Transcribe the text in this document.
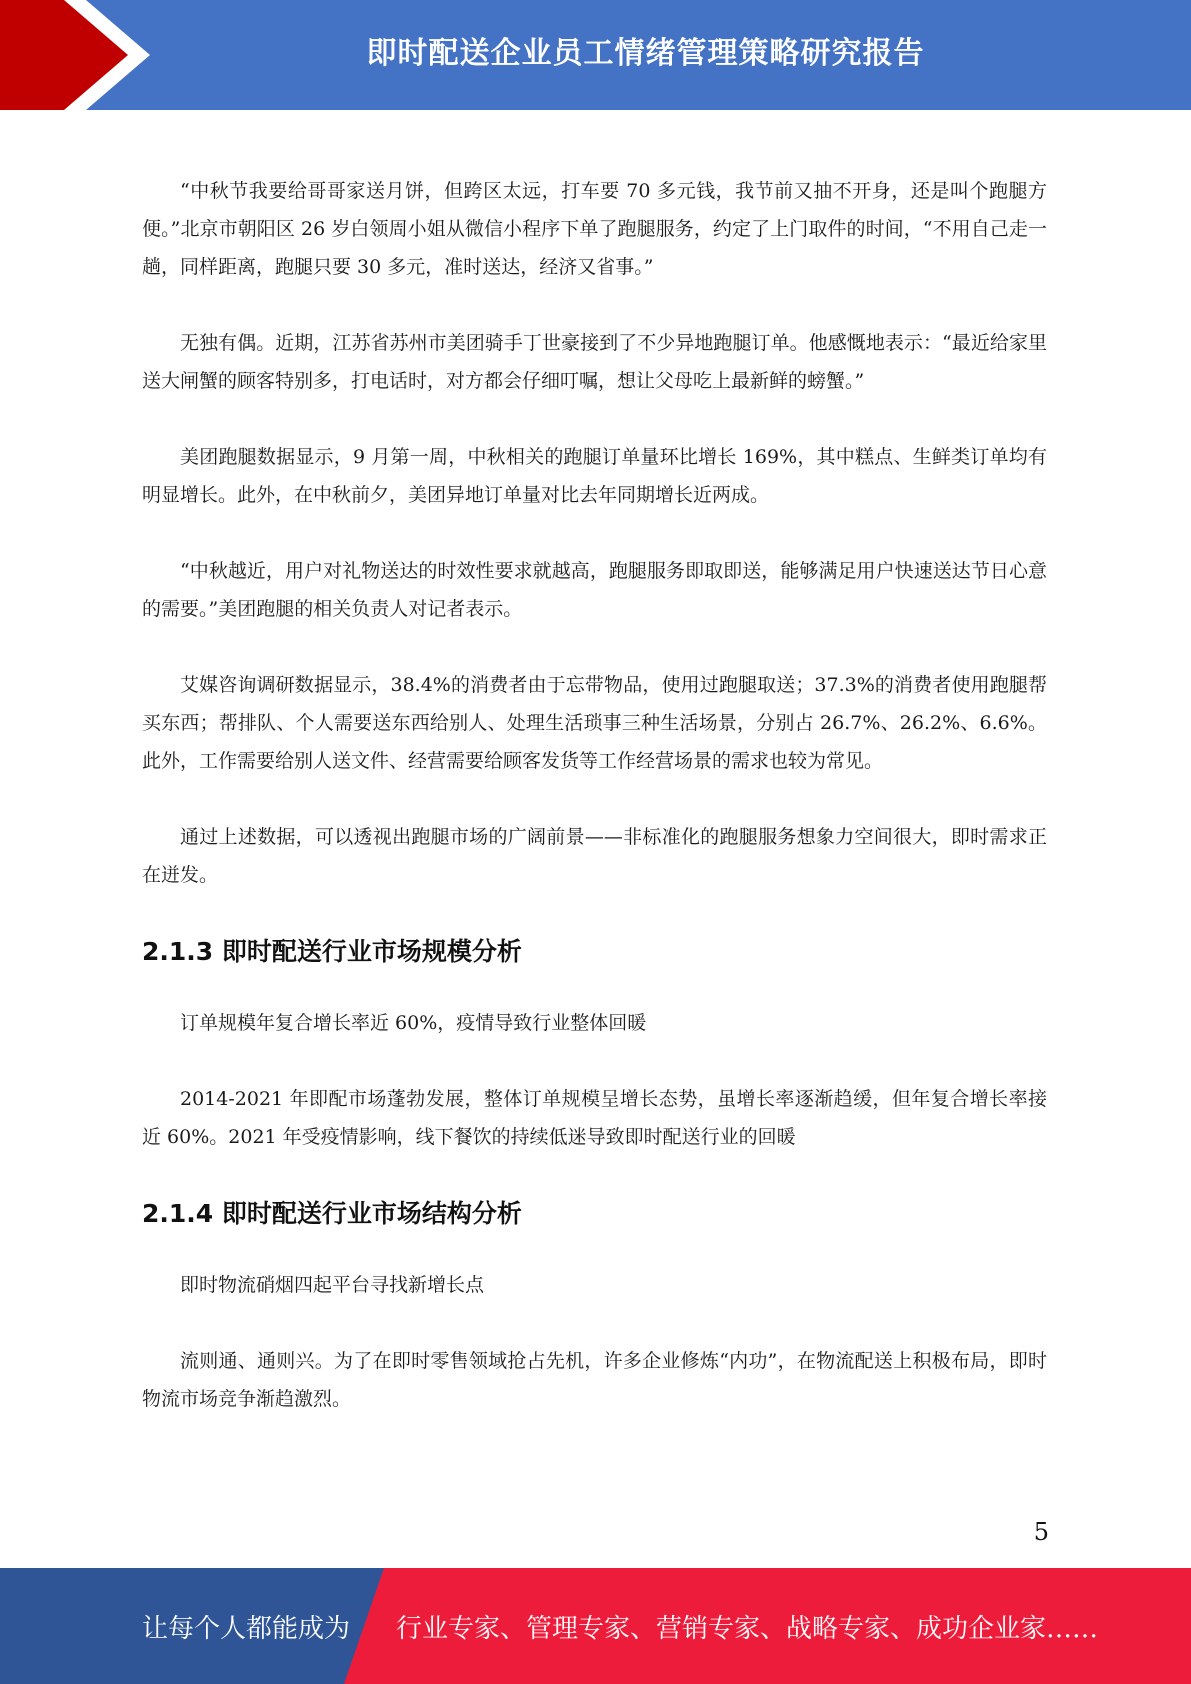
即时配送企业员工情绪管理策略研究报告

“中秋节我要给哥哥家送月饼，但跨区太远，打车要 70 多元钱，我节前又抽不开身，还是叫个跑腿方便。”北京市朝阳区 26 岁白领周小姐从微信小程序下单了跑腿服务，约定了上门取件的时间，“不用自己走一趟，同样距离，跑腿只要 30 多元，准时送达，经济又省事。”

无独有偶。近期，江苏省苏州市美团骑手丁世豪接到了不少异地跑腿订单。他感慨地表示：“最近给家里送大闸蟹的顾客特别多，打电话时，对方都会仔细叮嘱，想让父母吃上最新鲜的螃蟹。”

美团跑腿数据显示，9 月第一周，中秋相关的跑腿订单量环比增长 169%，其中糕点、生鲜类订单均有明显增长。此外，在中秋前夕，美团异地订单量对比去年同期增长近两成。

“中秋越近，用户对礼物送达的时效性要求就越高，跑腿服务即取即送，能够满足用户快速送达节日心意的需要。”美团跑腿的相关负责人对记者表示。

艾媒咨询调研数据显示，38.4%的消费者由于忘带物品，使用过跑腿取送；37.3%的消费者使用跑腿帮买东西；帮排队、个人需要送东西给别人、处理生活琐事三种生活场景，分别占 26.7%、26.2%、6.6%。此外，工作需要给别人送文件、经营需要给顾客发货等工作经营场景的需求也较为常见。

通过上述数据，可以透视出跑腿市场的广阔前景——非标准化的跑腿服务想象力空间很大，即时需求正在迸发。

2.1.3 即时配送行业市场规模分析

订单规模年复合增长率近 60%，疫情导致行业整体回暖

2014-2021 年即配市场蓬勃发展，整体订单规模呈增长态势，虽增长率逐渐趋缓，但年复合增长率接近 60%。2021 年受疫情影响，线下餐饮的持续低迷导致即时配送行业的回暖

2.1.4 即时配送行业市场结构分析

即时物流硝烟四起平台寻找新增长点

流则通、通则兴。为了在即时零售领域抢占先机，许多企业修炼“内功”，在物流配送上积极布局，即时物流市场竞争渐趋激烈。

5
让每个人都能成为 行业专家、管理专家、营销专家、战略专家、成功企业家……
